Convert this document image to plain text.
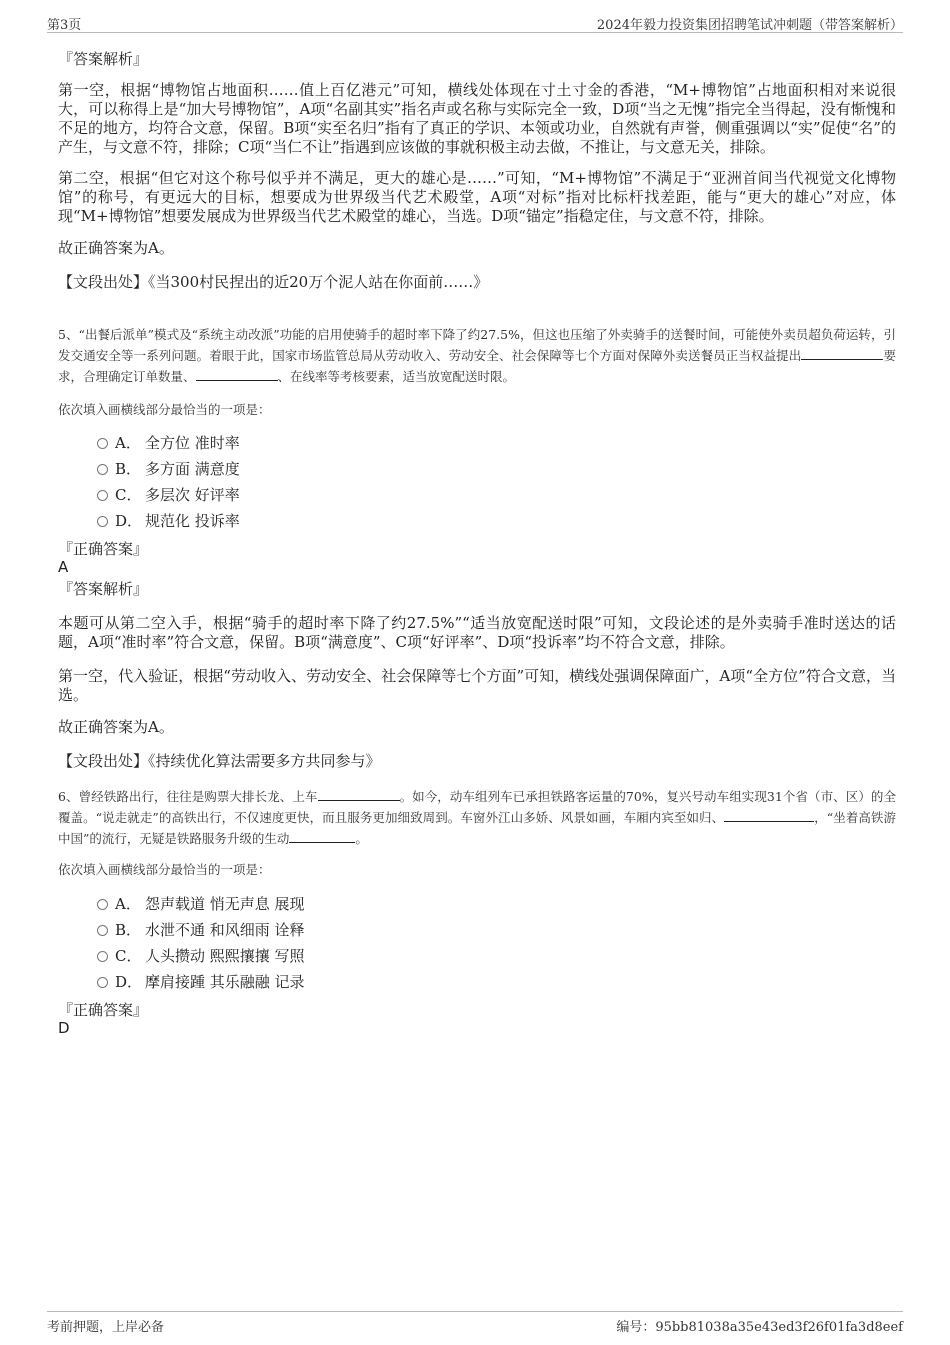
第3页	2024年毅力投资集团招聘笔试冲刺题（带答案解析）

『答案解析』

第一空，根据“博物馆占地面积……值上百亿港元”可知，横线处体现在寸土寸金的香港，“M+博物馆”占地面积相对来说很大，可以称得上是“加大号博物馆”，A项“名副其实”指名声或名称与实际完全一致，D项“当之无愧”指完全当得起，没有惭愧和不足的地方，均符合文意，保留。B项“实至名归”指有了真正的学识、本领或功业，自然就有声誉，侧重强调以“实”促使“名”的产生，与文意不符，排除；C项“当仁不让”指遇到应该做的事就积极主动去做，不推让，与文意无关，排除。

第二空，根据“但它对这个称号似乎并不满足，更大的雄心是……”可知，“M+博物馆”不满足于“亚洲首间当代视觉文化博物馆”的称号，有更远大的目标，想要成为世界级当代艺术殿堂，A项“对标”指对比标杆找差距，能与“更大的雄心”对应，体现“M+博物馆”想要发展成为世界级当代艺术殿堂的雄心，当选。D项“锚定”指稳定住，与文意不符，排除。

故正确答案为A。

【文段出处】《当300村民捏出的近20万个泥人站在你面前……》

5、“出餐后派单”模式及“系统主动改派”功能的启用使骑手的超时率下降了约27.5%，但这也压缩了外卖骑手的送餐时间，可能使外卖员超负荷运转，引发交通安全等一系列问题。着眼于此，国家市场监管总局从劳动收入、劳动安全、社会保障等七个方面对保障外卖送餐员正当权益提出	要求，合理确定订单数量、	、在线率等考核要素，适当放宽配送时限。

依次填入画横线部分最恰当的一项是：

A． 全方位 准时率
B． 多方面 满意度
C． 多层次 好评率
D． 规范化 投诉率

『正确答案』

A

『答案解析』

本题可从第二空入手，根据“骑手的超时率下降了约27.5%”“适当放宽配送时限”可知，文段论述的是外卖骑手准时送达的话题，A项“准时率”符合文意，保留。B项“满意度”、C项“好评率”、D项“投诉率”均不符合文意，排除。

第一空，代入验证，根据“劳动收入、劳动安全、社会保障等七个方面”可知，横线处强调保障面广，A项“全方位”符合文意，当选。

故正确答案为A。

【文段出处】《持续优化算法需要多方共同参与》

6、曾经铁路出行，往往是购票大排长龙、上车	。如今，动车组列车已承担铁路客运量的70%，复兴号动车组实现31个省（市、区）的全覆盖。“说走就走”的高铁出行，不仅速度更快，而且服务更加细致周到。车窗外江山多娇、风景如画，车厢内宾至如归、	，“坐着高铁游中国”的流行，无疑是铁路服务升级的生动	。

依次填入画横线部分最恰当的一项是：

A． 怨声载道 悄无声息 展现
B． 水泄不通 和风细雨 诠释
C． 人头攒动 熙熙攘攘 写照
D． 摩肩接踵 其乐融融 记录

『正确答案』

D

考前押题，上岸必备	编号：95bb81038a35e43ed3f26f01fa3d8eef
